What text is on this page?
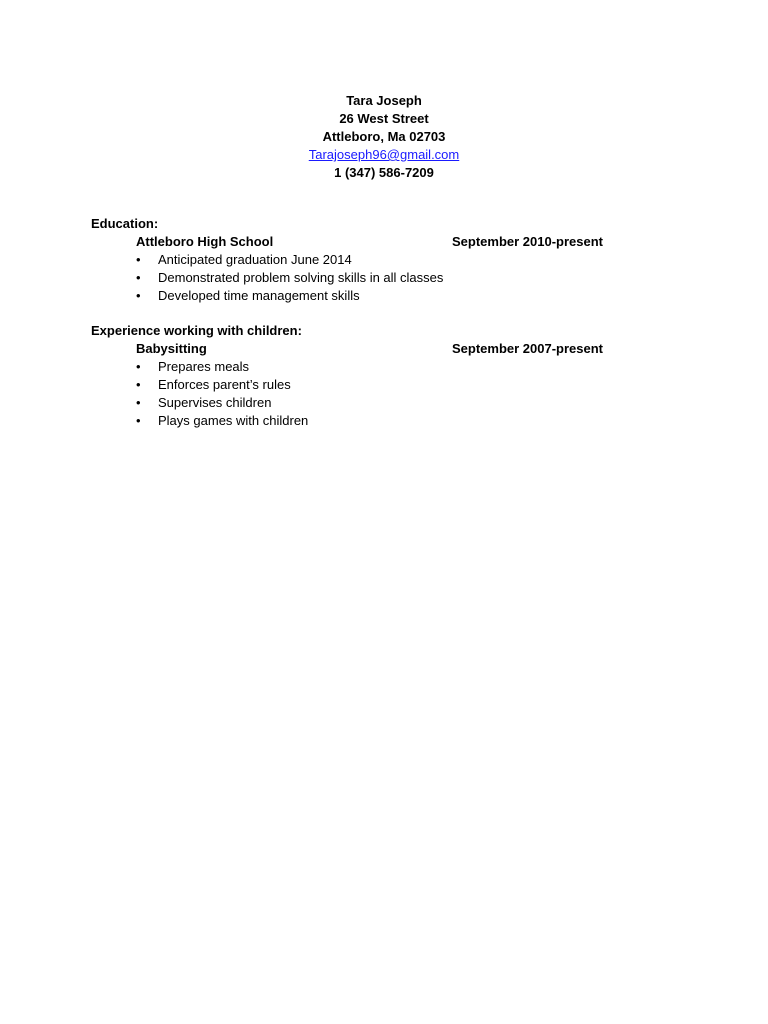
Tara Joseph
26 West Street
Attleboro, Ma 02703
Tarajoseph96@gmail.com
1 (347) 586-7209
Education:
Attleboro High School	September 2010-present
• Anticipated graduation June 2014
• Demonstrated problem solving skills in all classes
• Developed time management skills
Experience working with children:
Babysitting	September 2007-present
• Prepares meals
• Enforces parent’s rules
• Supervises children
• Plays games with children
